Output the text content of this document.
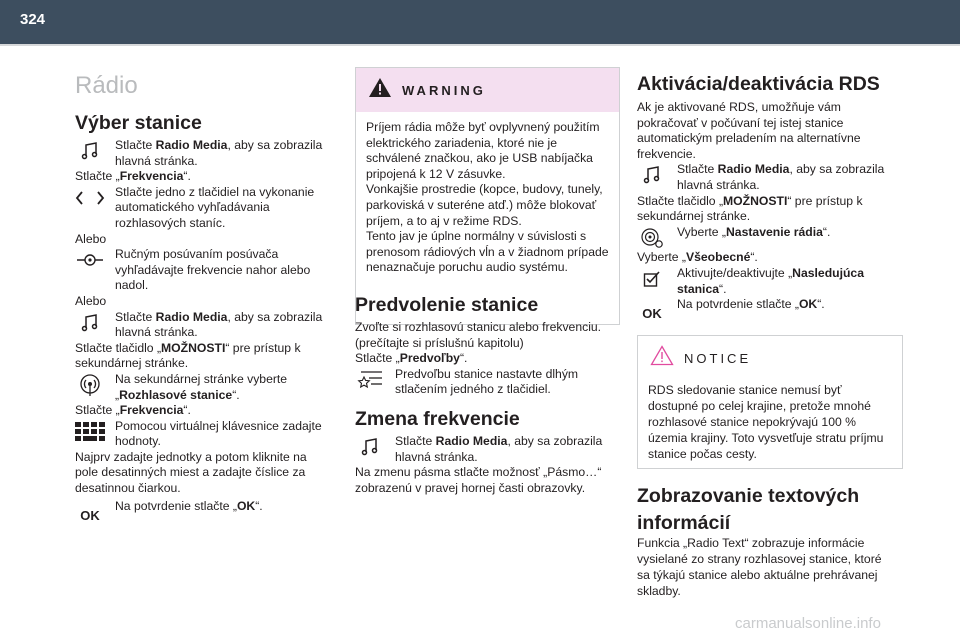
324
Rádio
Výber stanice

Stlačte Radio Media, aby sa zobrazila hlavná stránka.

Stlačte „Frekvencia“.

Stlačte jedno z tlačidiel na vykonanie automatického vyhľadávania rozhlasových staníc.

Alebo

Ručným posúvaním posúvača vyhľadávajte frekvencie nahor alebo nadol.

Alebo

Stlačte Radio Media, aby sa zobrazila hlavná stránka.

Stlačte tlačidlo „MOŽNOSTI“ pre prístup k sekundárnej stránke.

Na sekundárnej stránke vyberte „Rozhlasové stanice“.

Stlačte „Frekvencia“.

Pomocou virtuálnej klávesnice zadajte hodnoty.

Najprv zadajte jednotky a potom kliknite na pole desatinných miest a zadajte číslice za desatinnou čiarkou.

OK
Na potvrdenie stlačte „OK“.

WARNING

Príjem rádia môže byť ovplyvnený použitím elektrického zariadenia, ktoré nie je schválené značkou, ako je USB nabíjačka pripojená k 12 V zásuvke.

Vonkajšie prostredie (kopce, budovy, tunely, parkoviská v suteréne atď.) môže blokovať príjem, a to aj v režime RDS.

Tento jav je úplne normálny v súvislosti s prenosom rádiových vĺn a v žiadnom prípade nenaznačuje poruchu audio systému.

Predvolenie stanice

Zvoľte si rozhlasovú stanicu alebo frekvenciu. (prečítajte si príslušnú kapitolu)

Stlačte „Predvoľby“.

Predvoľbu stanice nastavte dlhým stlačením jedného z tlačidiel.

Zmena frekvencie

Stlačte Radio Media, aby sa zobrazila hlavná stránka.

Na zmenu pásma stlačte možnosť „Pásmo…“ zobrazenú v pravej hornej časti obrazovky.

Aktivácia/deaktivácia RDS

Ak je aktivované RDS, umožňuje vám pokračovať v počúvaní tej istej stanice automatickým preladením na alternatívne frekvencie.

Stlačte Radio Media, aby sa zobrazila hlavná stránka.

Stlačte tlačidlo „MOŽNOSTI“ pre prístup k sekundárnej stránke.

Vyberte „Nastavenie rádia“.

Vyberte „Všeobecné“.

Aktivujte/deaktivujte „Nasledujúca stanica“.

OK
Na potvrdenie stlačte „OK“.

NOTICE

RDS sledovanie stanice nemusí byť dostupné po celej krajine, pretože mnohé rozhlasové stanice nepokrývajú 100 % územia krajiny. Toto vysvetľuje stratu príjmu stanice počas cesty.

Zobrazovanie textových informácií

Funkcia „Radio Text“ zobrazuje informácie vysielané zo strany rozhlasovej stanice, ktoré sa týkajú stanice alebo aktuálne prehrávanej skladby.

carmanualsonline.info
